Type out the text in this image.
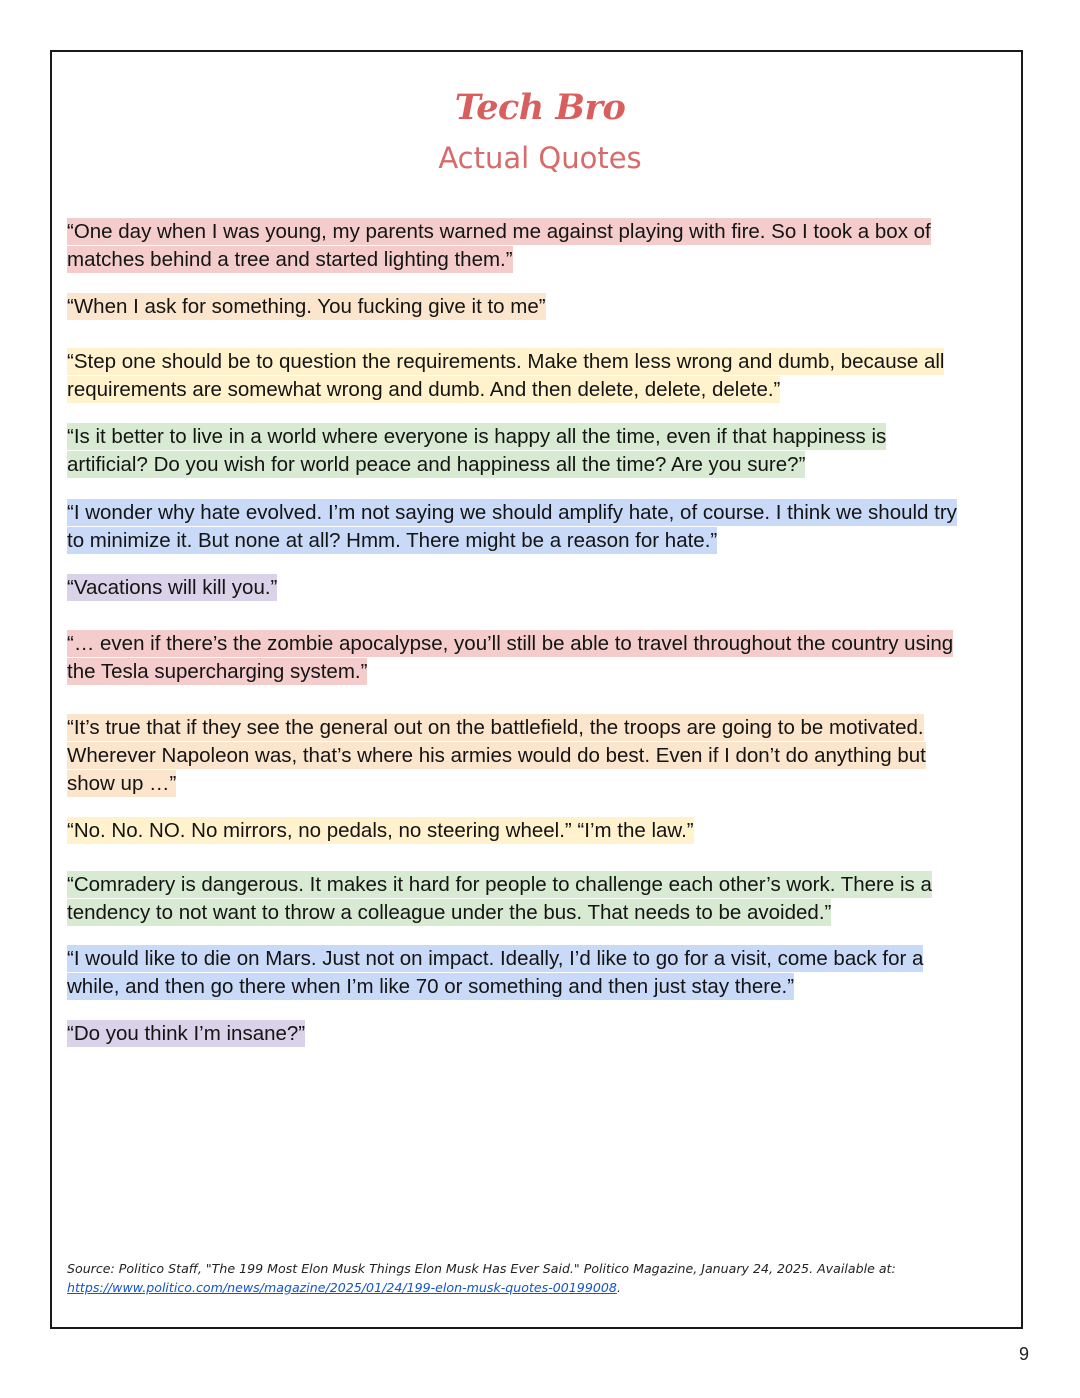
Tech Bro
Actual Quotes
“One day when I was young, my parents warned me against playing with fire. So I took a box of matches behind a tree and started lighting them.”
“When I ask for something. You fucking give it to me”
“Step one should be to question the requirements. Make them less wrong and dumb, because all requirements are somewhat wrong and dumb. And then delete, delete, delete.”
“Is it better to live in a world where everyone is happy all the time, even if that happiness is artificial? Do you wish for world peace and happiness all the time? Are you sure?”
“I wonder why hate evolved. I’m not saying we should amplify hate, of course. I think we should try to minimize it. But none at all? Hmm. There might be a reason for hate.”
“Vacations will kill you.”
“… even if there’s the zombie apocalypse, you’ll still be able to travel throughout the country using the Tesla supercharging system.”
“It’s true that if they see the general out on the battlefield, the troops are going to be motivated. Wherever Napoleon was, that’s where his armies would do best. Even if I don’t do anything but show up …”
“No. No. NO. No mirrors, no pedals, no steering wheel.” “I’m the law.”
“Comradery is dangerous. It makes it hard for people to challenge each other’s work. There is a tendency to not want to throw a colleague under the bus. That needs to be avoided.”
“I would like to die on Mars. Just not on impact. Ideally, I’d like to go for a visit, come back for a while, and then go there when I’m like 70 or something and then just stay there.”
“Do you think I’m insane?”
Source: Politico Staff, "The 199 Most Elon Musk Things Elon Musk Has Ever Said." Politico Magazine, January 24, 2025. Available at: https://www.politico.com/news/magazine/2025/01/24/199-elon-musk-quotes-00199008.
9
